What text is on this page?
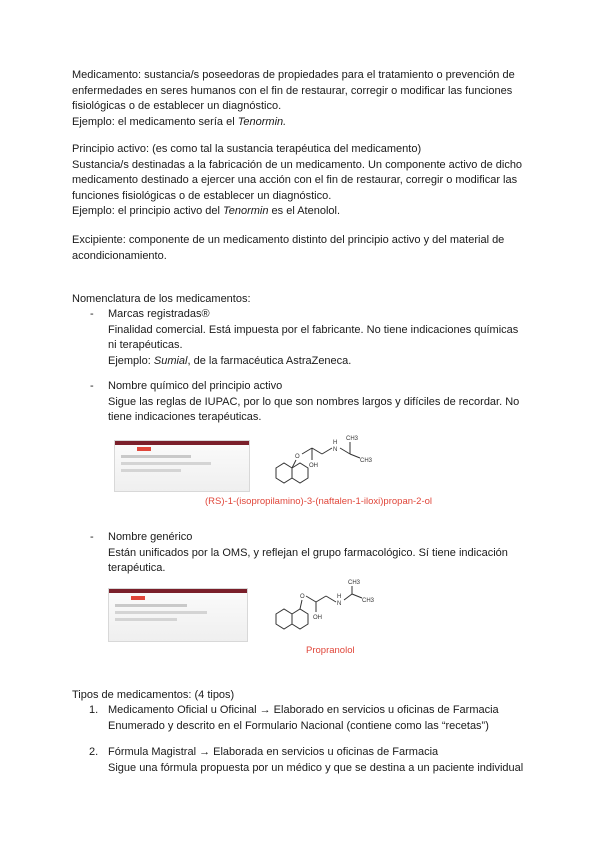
Medicamento: sustancia/s poseedoras de propiedades para el tratamiento o prevención de
enfermedades en seres humanos con el fin de restaurar, corregir o modificar las funciones
fisiológicas o de establecer un diagnóstico.
Ejemplo: el medicamento sería el Tenormin.
Principio activo: (es como tal la sustancia terapéutica del medicamento)
Sustancia/s destinadas a la fabricación de un medicamento. Un componente activo de dicho
medicamento destinado a ejercer una acción con el fin de restaurar, corregir o modificar las
funciones fisiológicas o de establecer un diagnóstico.
Ejemplo: el principio activo del Tenormin es el Atenolol.
Excipiente: componente de un medicamento distinto del principio activo y del material de
acondicionamiento.
Nomenclatura de los medicamentos:
- Marcas registradas®
Finalidad comercial. Está impuesta por el fabricante. No tiene indicaciones químicas
ni terapéuticas.
Ejemplo: Sumial, de la farmacéutica AstraZeneca.
- Nombre químico del principio activo
Sigue las reglas de IUPAC, por lo que son nombres largos y difíciles de recordar. No
tiene indicaciones terapéuticas.
O
OH
H
N
CH3
CH3
(RS)-1-(isopropilamino)-3-(naftalen-1-iloxi)propan-2-ol
- Nombre genérico
Están unificados por la OMS, y reflejan el grupo farmacológico. Sí tiene indicación
terapéutica.
O
OH
H
N
CH3
CH3
Propranolol
Tipos de medicamentos: (4 tipos)
1. Medicamento Oficial u Oficinal → Elaborado en servicios u oficinas de Farmacia
Enumerado y descrito en el Formulario Nacional (contiene como las “recetas”)
2. Fórmula Magistral → Elaborada en servicios u oficinas de Farmacia
Sigue una fórmula propuesta por un médico y que se destina a un paciente individual
